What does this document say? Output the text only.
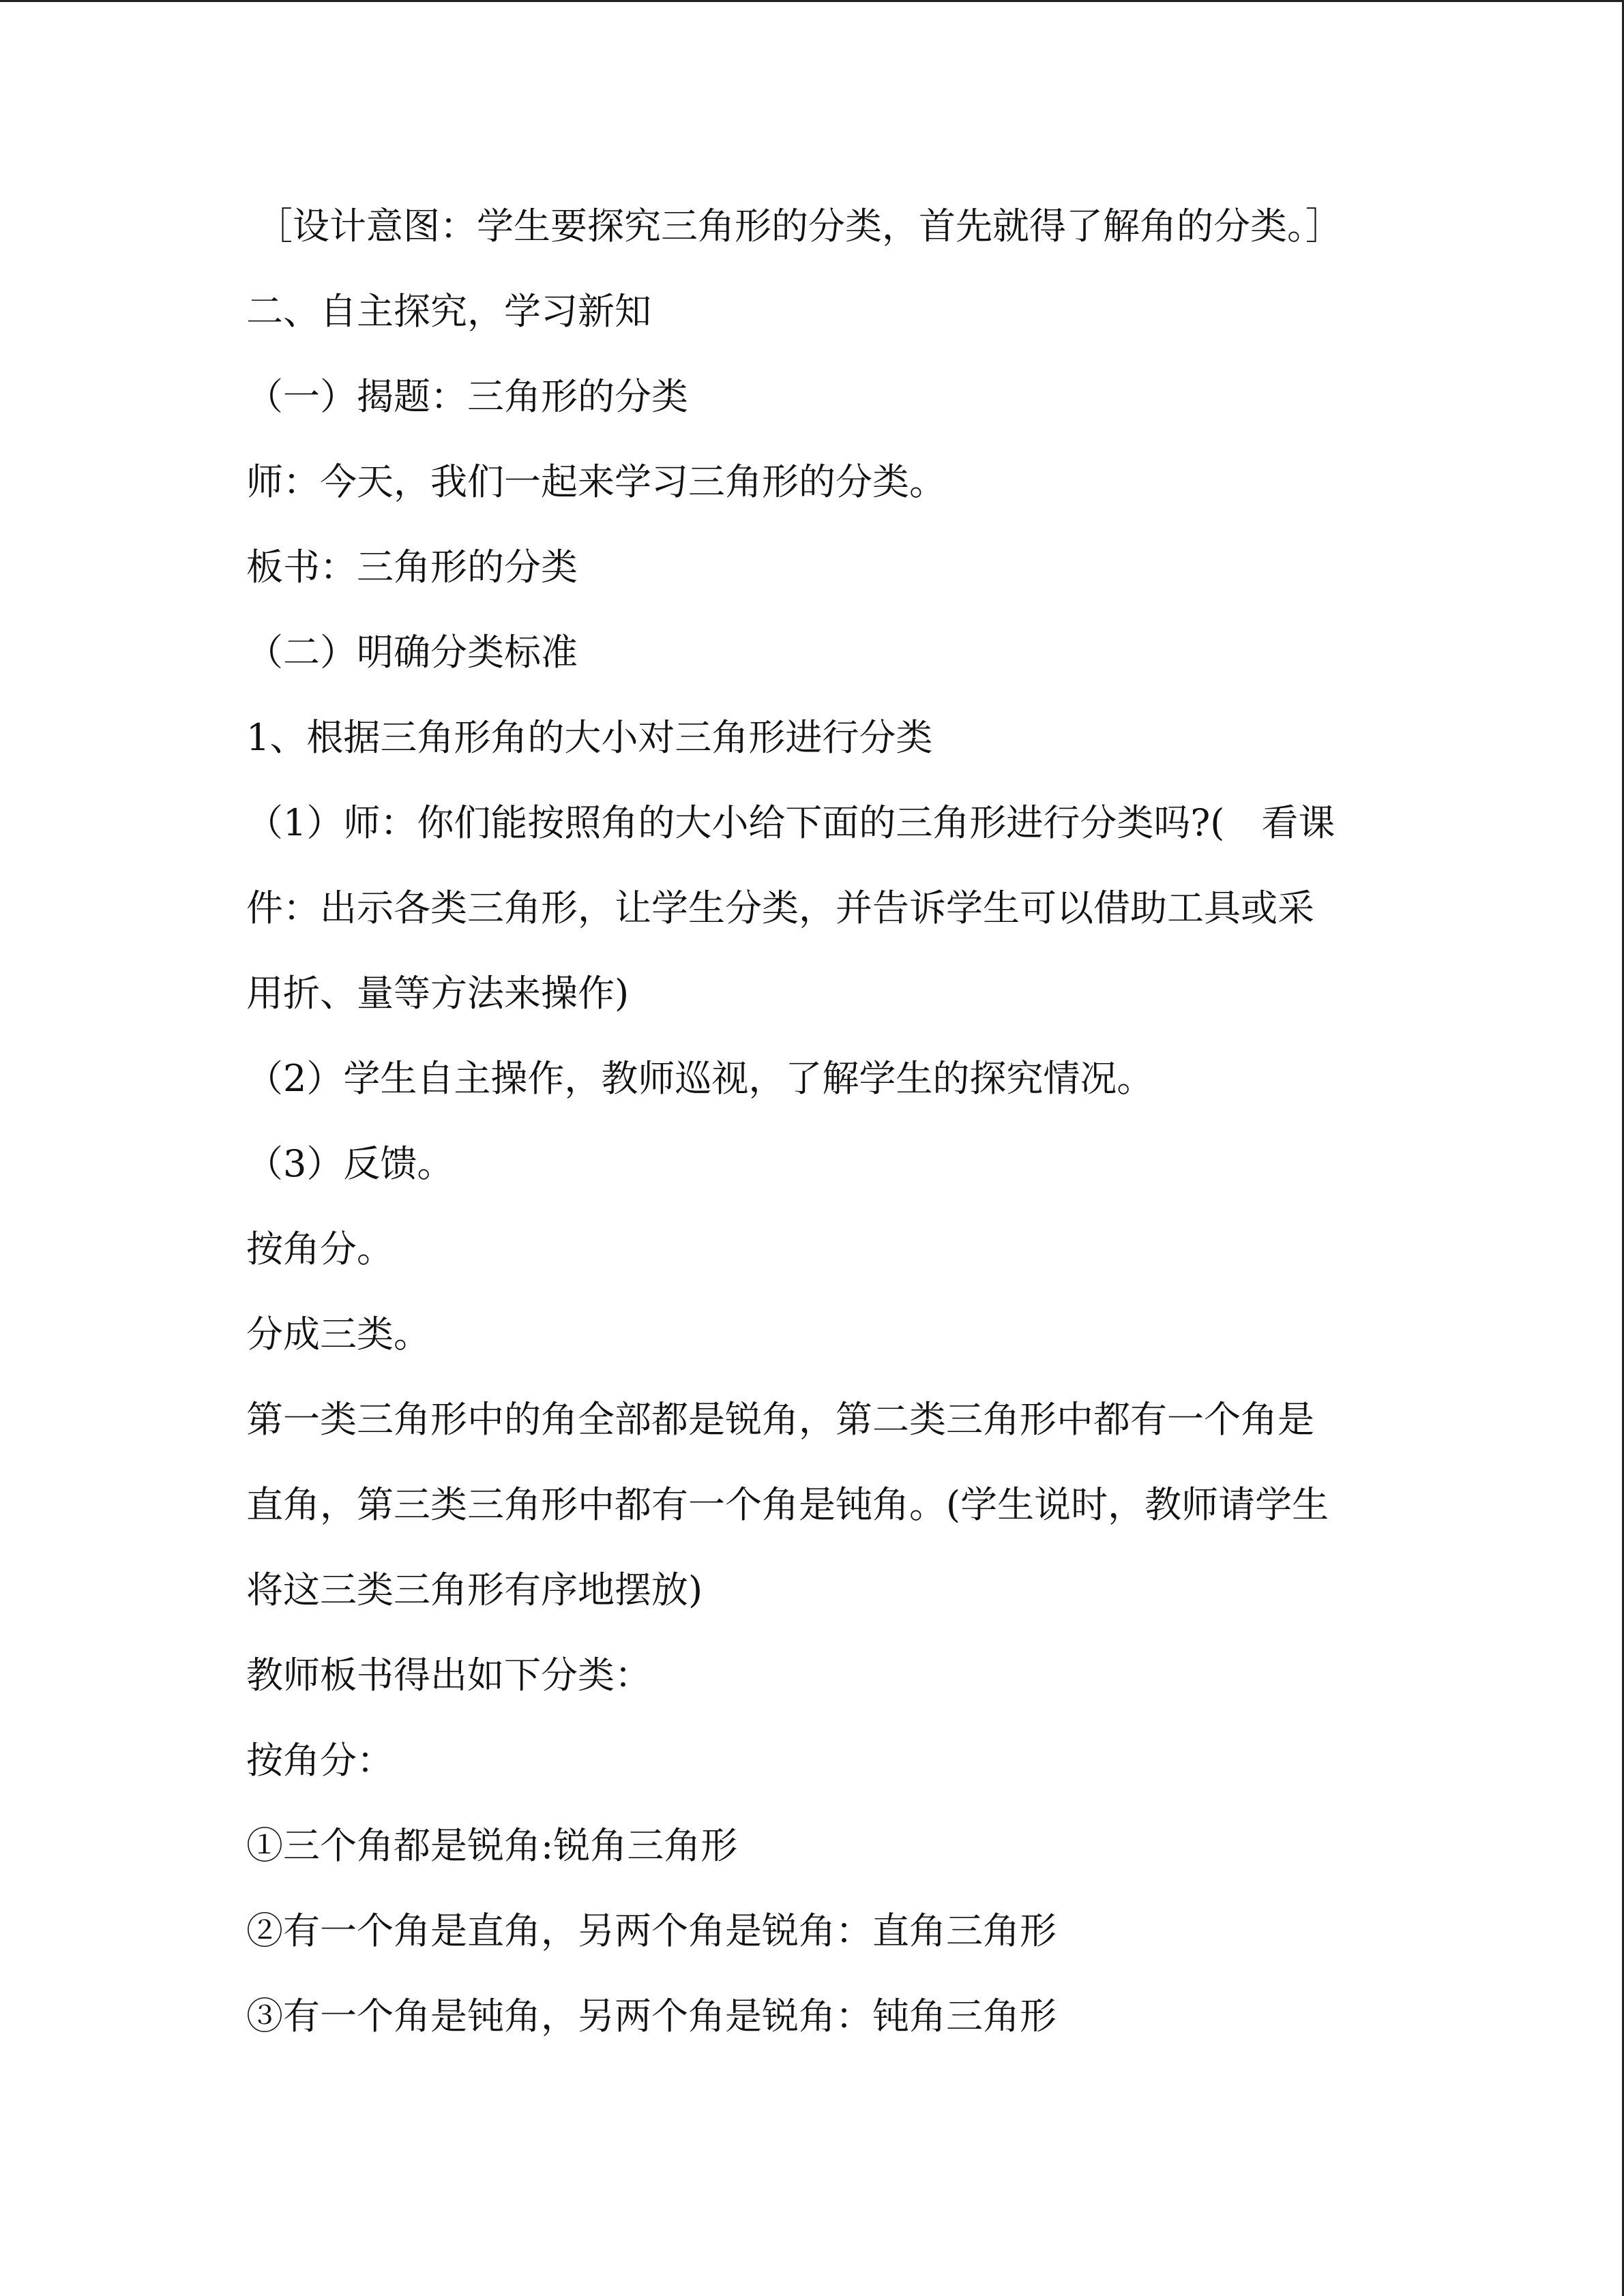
［设计意图：学生要探究三角形的分类，首先就得了解角的分类。］
二、自主探究，学习新知
（一）揭题：三角形的分类
师：今天，我们一起来学习三角形的分类。
板书：三角形的分类
（二）明确分类标准
1、根据三角形角的大小对三角形进行分类
（1）师：你们能按照角的大小给下面的三角形进行分类吗?(　看课
件：出示各类三角形，让学生分类，并告诉学生可以借助工具或采
用折、量等方法来操作)
（2）学生自主操作，教师巡视，了解学生的探究情况。
（3）反馈。
按角分。
分成三类。
第一类三角形中的角全部都是锐角，第二类三角形中都有一个角是
直角，第三类三角形中都有一个角是钝角。(学生说时，教师请学生
将这三类三角形有序地摆放)
教师板书得出如下分类：
按角分：
①三个角都是锐角:锐角三角形
②有一个角是直角，另两个角是锐角：直角三角形
③有一个角是钝角，另两个角是锐角：钝角三角形
